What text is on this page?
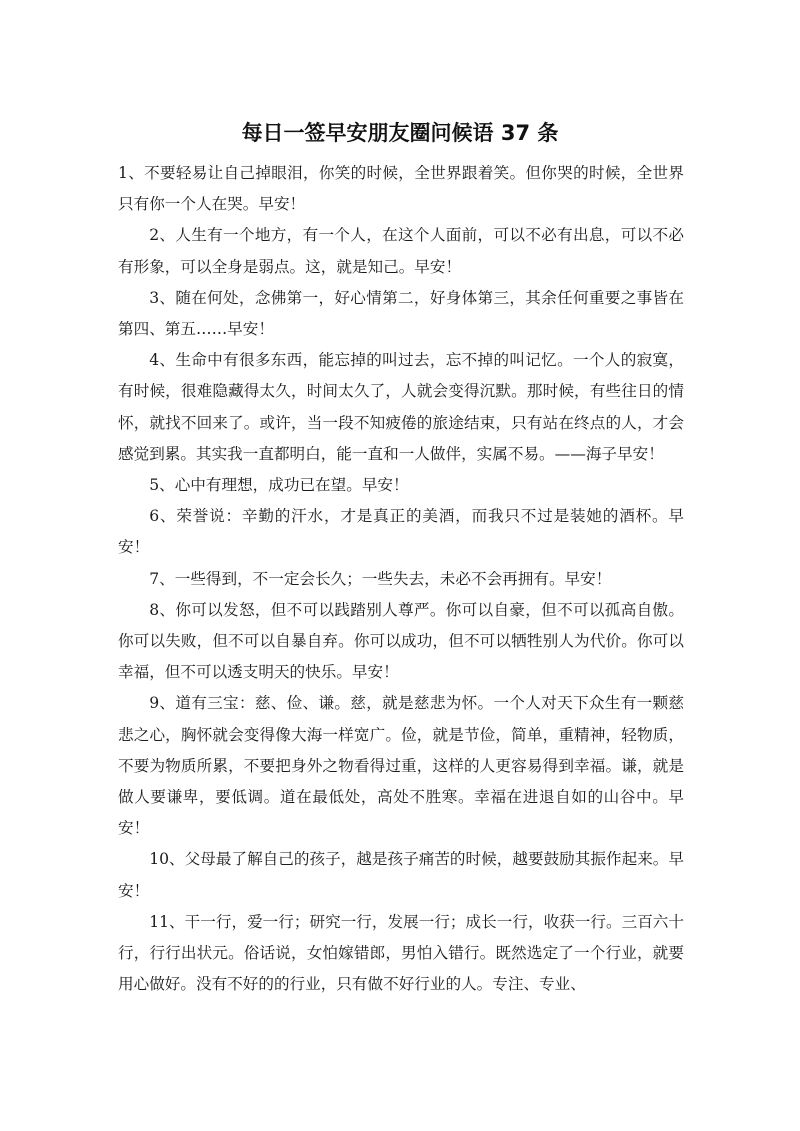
每日一签早安朋友圈问候语 37 条

1、不要轻易让自己掉眼泪，你笑的时候，全世界跟着笑。但你哭的时候，全世界只有你一个人在哭。早安！

2、人生有一个地方，有一个人，在这个人面前，可以不必有出息，可以不必有形象，可以全身是弱点。这，就是知己。早安！

3、随在何处，念佛第一，好心情第二，好身体第三，其余任何重要之事皆在第四、第五……早安！

4、生命中有很多东西，能忘掉的叫过去，忘不掉的叫记忆。一个人的寂寞，有时候，很难隐藏得太久，时间太久了，人就会变得沉默。那时候，有些往日的情怀，就找不回来了。或许，当一段不知疲倦的旅途结束，只有站在终点的人，才会感觉到累。其实我一直都明白，能一直和一人做伴，实属不易。——海子早安！

5、心中有理想，成功已在望。早安！

6、荣誉说：辛勤的汗水，才是真正的美酒，而我只不过是装她的酒杯。早安！

7、一些得到，不一定会长久；一些失去，未必不会再拥有。早安！

8、你可以发怒，但不可以践踏别人尊严。你可以自豪，但不可以孤高自傲。你可以失败，但不可以自暴自弃。你可以成功，但不可以牺牲别人为代价。你可以幸福，但不可以透支明天的快乐。早安！

9、道有三宝：慈、俭、谦。慈，就是慈悲为怀。一个人对天下众生有一颗慈悲之心，胸怀就会变得像大海一样宽广。俭，就是节俭，简单，重精神，轻物质，不要为物质所累，不要把身外之物看得过重，这样的人更容易得到幸福。谦，就是做人要谦卑，要低调。道在最低处，高处不胜寒。幸福在进退自如的山谷中。早安！

10、父母最了解自己的孩子，越是孩子痛苦的时候，越要鼓励其振作起来。早安！

11、干一行，爱一行；研究一行，发展一行；成长一行，收获一行。三百六十行，行行出状元。俗话说，女怕嫁错郎，男怕入错行。既然选定了一个行业，就要用心做好。没有不好的的行业，只有做不好行业的人。专注、专业、
